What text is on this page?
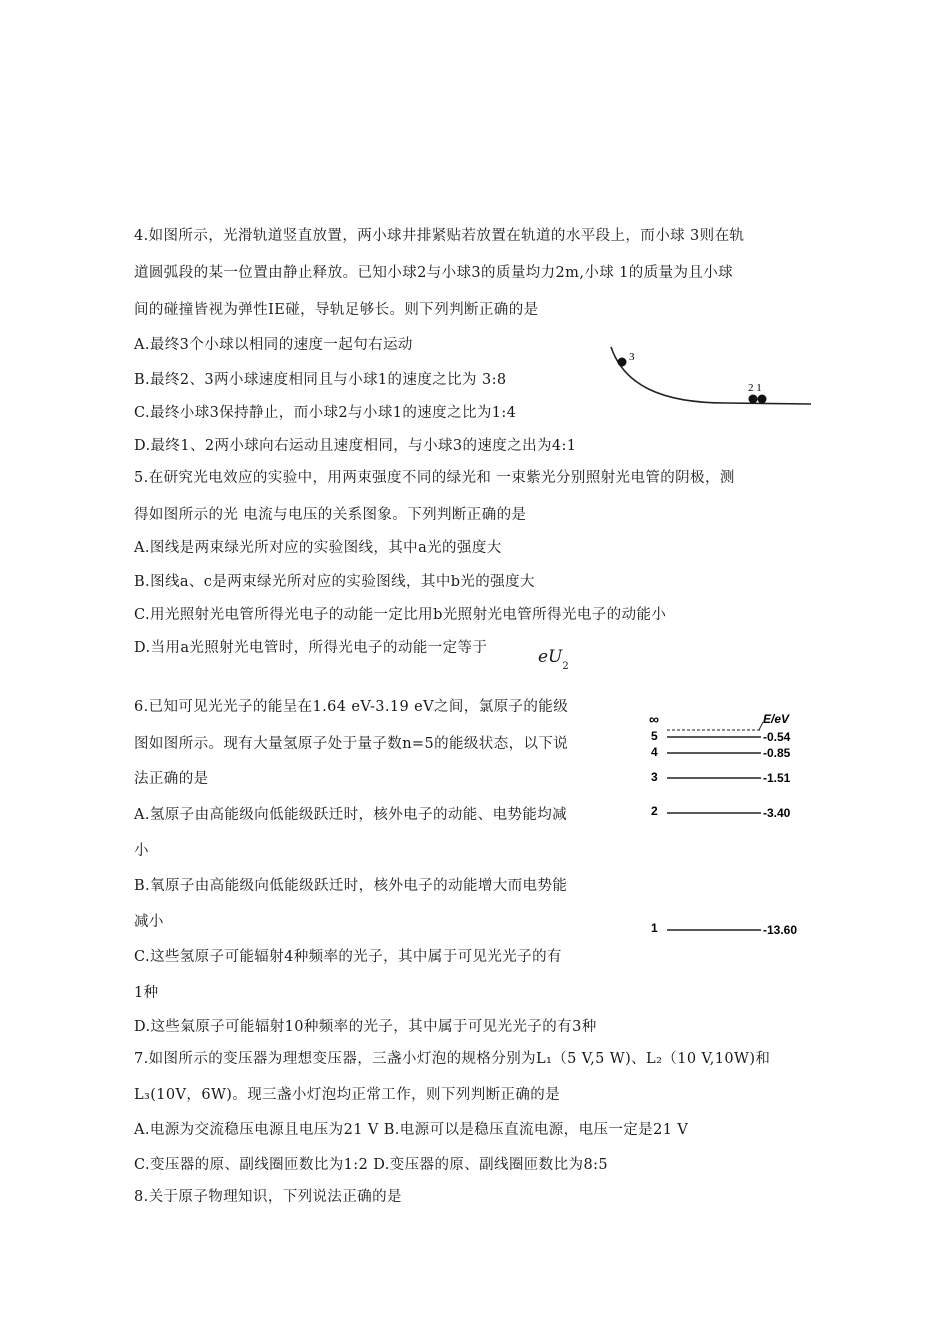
4.如图所示，光滑轨道竖直放置，两小球井排紧贴若放置在轨道的水平段上，而小球 3则在轨
道圆弧段的某一位置由静止释放。已知小球2与小球3的质量均力2m,小球 1的质量为且小球
间的碰撞皆视为弹性IE碰，导轨足够长。则下列判断正确的是
A.最终3个小球以相同的速度一起句右运动
B.最终2、3两小球速度相同且与小球1的速度之比为 3:8
C.最终小球3保持静止，而小球2与小球1的速度之比为1:4
D.最终1、2两小球向右运动且速度相同，与小球3的速度之出为4:1
3
2 1
5.在研究光电效应的实验中，用两束强度不同的绿光和 一束紫光分别照射光电管的阴极，测
得如图所示的光 电流与电压的关系图象。下列判断正确的是
A.图线是两束绿光所对应的实验图线，其中a光的强度大
B.图线a、c是两束绿光所对应的实验图线，其中b光的强度大
C.用光照射光电管所得光电子的动能一定比用b光照射光电管所得光电子的动能小
D.当用a光照射光电管时，所得光电子的动能一定等于	$eU_2$
6.已知可见光光子的能呈在1.64 eV-3.19 eV之间，氯原子的能级
图如图所示。现有大量氢原子处于量子数n=5的能级状态，以下说
法正确的是
A.氢原子由高能级向低能级跃迁时，核外电子的动能、电势能均减
小
B.氧原子由高能级向低能级跃迁时，核外电子的动能增大而电势能
减小
C.这些氢原子可能辐射4种频率的光子，其中属于可见光光子的有
1种
D.这些氣原子可能辐射10种频率的光子，其中属于可见光光子的有3种
E/eV
∞
5	-0.54
4	-0.85
3	-1.51
2	-3.40
1	-13.60
7.如图所示的变压器为理想变压器，三盏小灯泡的规格分别为L₁（5 V,5 W)、L₂（10 V,10W)和
L₃(10V，6W)。现三盏小灯泡均正常工作，则下列判断正确的是
A.电源为交流稳压电源且电压为21 V B.电源可以是稳压直流电源，电压一定是21 V
C.变压器的原、副线圈匝数比为1:2 D.变压器的原、副线圈匝数比为8:5
8.关于原子物理知识，下列说法正确的是
